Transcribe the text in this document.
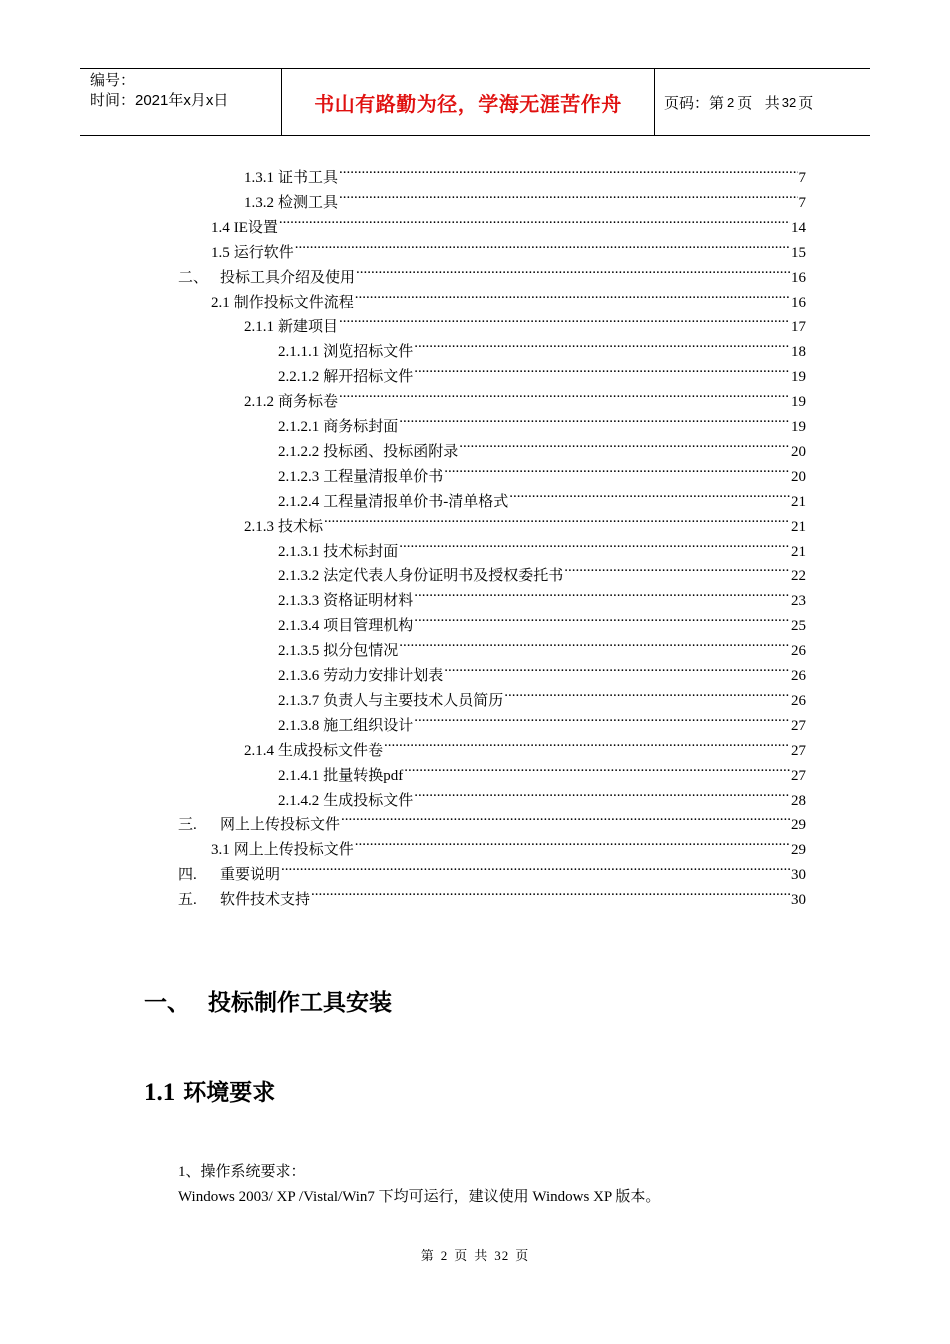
编号：
时间：2021年x月x日	书山有路勤为径，学海无涯苦作舟	页码：第 2 页   共 32 页
1.3.1 证书工具 .....	7
1.3.2 检测工具 .....	7
1.4 IE设置 .....	14
1.5 运行软件 .....	15
二、 投标工具介绍及使用 .....	16
2.1 制作投标文件流程 .....	16
2.1.1 新建项目 .....	17
2.1.1.1 浏览招标文件 .....	18
2.2.1.2 解开招标文件 .....	19
2.1.2 商务标卷 .....	19
2.1.2.1 商务标封面 .....	19
2.1.2.2 投标函、投标函附录 .....	20
2.1.2.3 工程量清报单价书 .....	20
2.1.2.4 工程量清报单价书-清单格式 .....	21
2.1.3 技术标 .....	21
2.1.3.1 技术标封面 .....	21
2.1.3.2 法定代表人身份证明书及授权委托书 .....	22
2.1.3.3 资格证明材料 .....	23
2.1.3.4 项目管理机构 .....	25
2.1.3.5 拟分包情况 .....	26
2.1.3.6 劳动力安排计划表 .....	26
2.1.3.7 负责人与主要技术人员简历 .....	26
2.1.3.8 施工组织设计 .....	27
2.1.4 生成投标文件卷 .....	27
2.1.4.1 批量转换pdf .....	27
2.1.4.2 生成投标文件 .....	28
三. 网上上传投标文件 .....	29
3.1 网上上传投标文件 .....	29
四. 重要说明 .....	30
五. 软件技术支持 .....	30
一、 投标制作工具安装
1.1 环境要求
1、操作系统要求：
Windows 2003/ XP /Vistal/Win7 下均可运行，建议使用 Windows XP 版本。
第 2 页 共 32 页
